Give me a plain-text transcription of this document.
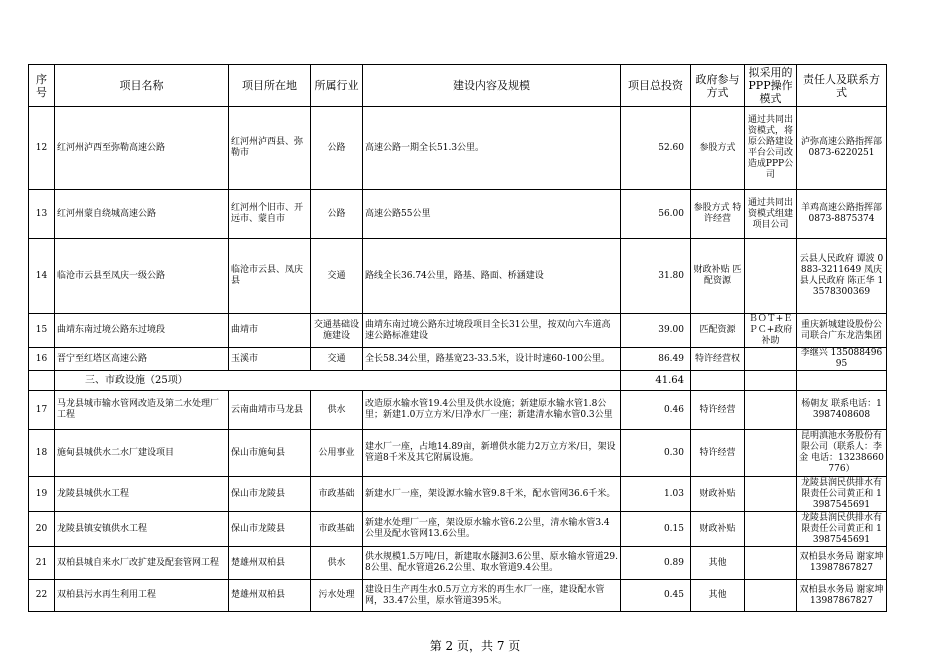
序号	项目名称	项目所在地	所属行业	建设内容及规模	项目总投资	政府参与方式	拟采用的PPP操作模式	责任人及联系方式
12	红河州泸西至弥勒高速公路	红河州泸西县、弥勒市	公路	高速公路一期全长51.3公里。	52.60	参股方式	通过共同出资模式，将原公路建设平台公司改造成PPP公司	泸弥高速公路指挥部0873-6220251
13	红河州蒙自绕城高速公路	红河州个旧市、开远市、蒙自市	公路	高速公路55公里	56.00	参股方式 特许经营	通过共同出资模式组建项目公司	羊鸡高速公路指挥部0873-8875374
14	临沧市云县至凤庆一级公路	临沧市云县、凤庆县	交通	路线全长36.74公里，路基、路面、桥涵建设	31.80	财政补贴 匹配资源		云县人民政府 谭波 0883-3211649 凤庆县人民政府 陈正华 13578300369
15	曲靖东南过境公路东过境段	曲靖市	交通基础设施建设	曲靖东南过境公路东过境段项目全长31公里，按双向六车道高速公路标准建设	39.00	匹配资源	ＢＯＴ+ＥＰＣ+政府补助	重庆新城建设股份公司联合广东龙浩集团
16	晋宁至红塔区高速公路	玉溪市	交通	全长58.34公里，路基宽23-33.5米，设计时速60-100公里。	86.49	特许经营权		李继兴 13508849695
	三、市政设施（25项）				41.64			
17	马龙县城市输水管网改造及第二水处理厂工程	云南曲靖市马龙县	供水	改造原水输水管19.4公里及供水设施；新建原水输水管1.8公里；新建1.0万立方米/日净水厂一座；新建清水输水管0.3公里	0.46	特许经营		杨朝友 联系电话：13987408608
18	施甸县城供水二水厂建设项目	保山市施甸县	公用事业	建水厂一座，占地14.89亩，新增供水能力2万立方米/日，架设管道8千米及其它附属设施。	0.30	特许经营		昆明滇池水务股份有限公司（联系人：李金 电话：13238660776）
19	龙陵县城供水工程	保山市龙陵县	市政基础	新建水厂一座，架设源水输水管9.8千米，配水管网36.6千米。	1.03	财政补贴		龙陵县润民供排水有限责任公司黄正和 13987545691
20	龙陵县镇安镇供水工程	保山市龙陵县	市政基础	新建水处理厂一座，架设原水输水管6.2公里，清水输水管3.4公里及配水管网13.6公里。	0.15	财政补贴		龙陵县润民供排水有限责任公司黄正和 13987545691
21	双柏县城自来水厂改扩建及配套管网工程	楚雄州双柏县	供水	供水规模1.5万吨/日，新建取水隧洞3.6公里、原水输水管道29.8公里、配水管道26.2公里、取水管道9.4公里。	0.89	其他		双柏县水务局 谢家坤 13987867827
22	双柏县污水再生利用工程	楚雄州双柏县	污水处理	建设日生产再生水0.5万立方米的再生水厂一座，建设配水管网，33.47公里，原水管道395米。	0.45	其他		双柏县水务局 谢家坤 13987867827
第 2 页，共 7 页
